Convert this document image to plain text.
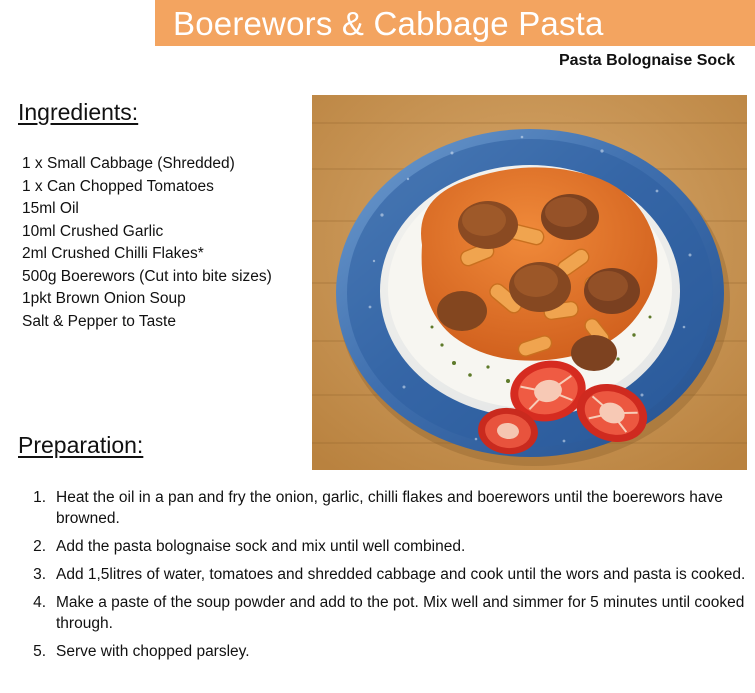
Boerewors & Cabbage Pasta
Pasta Bolognaise Sock
Ingredients:
1 x Small Cabbage (Shredded)
1 x Can Chopped Tomatoes
15ml Oil
10ml Crushed Garlic
2ml Crushed Chilli Flakes*
500g Boerewors (Cut into bite sizes)
1pkt Brown Onion Soup
Salt & Pepper to Taste
Preparation:
Heat the oil in a pan and fry the onion, garlic, chilli flakes and boerewors until the boerewors have browned.
Add the pasta bolognaise sock and mix until well combined.
Add 1,5litres of water, tomatoes and shredded cabbage and cook until the wors and pasta is cooked.
Make a paste of the soup powder and add to the pot. Mix well and simmer for 5 minutes until cooked through.
Serve with chopped parsley.
